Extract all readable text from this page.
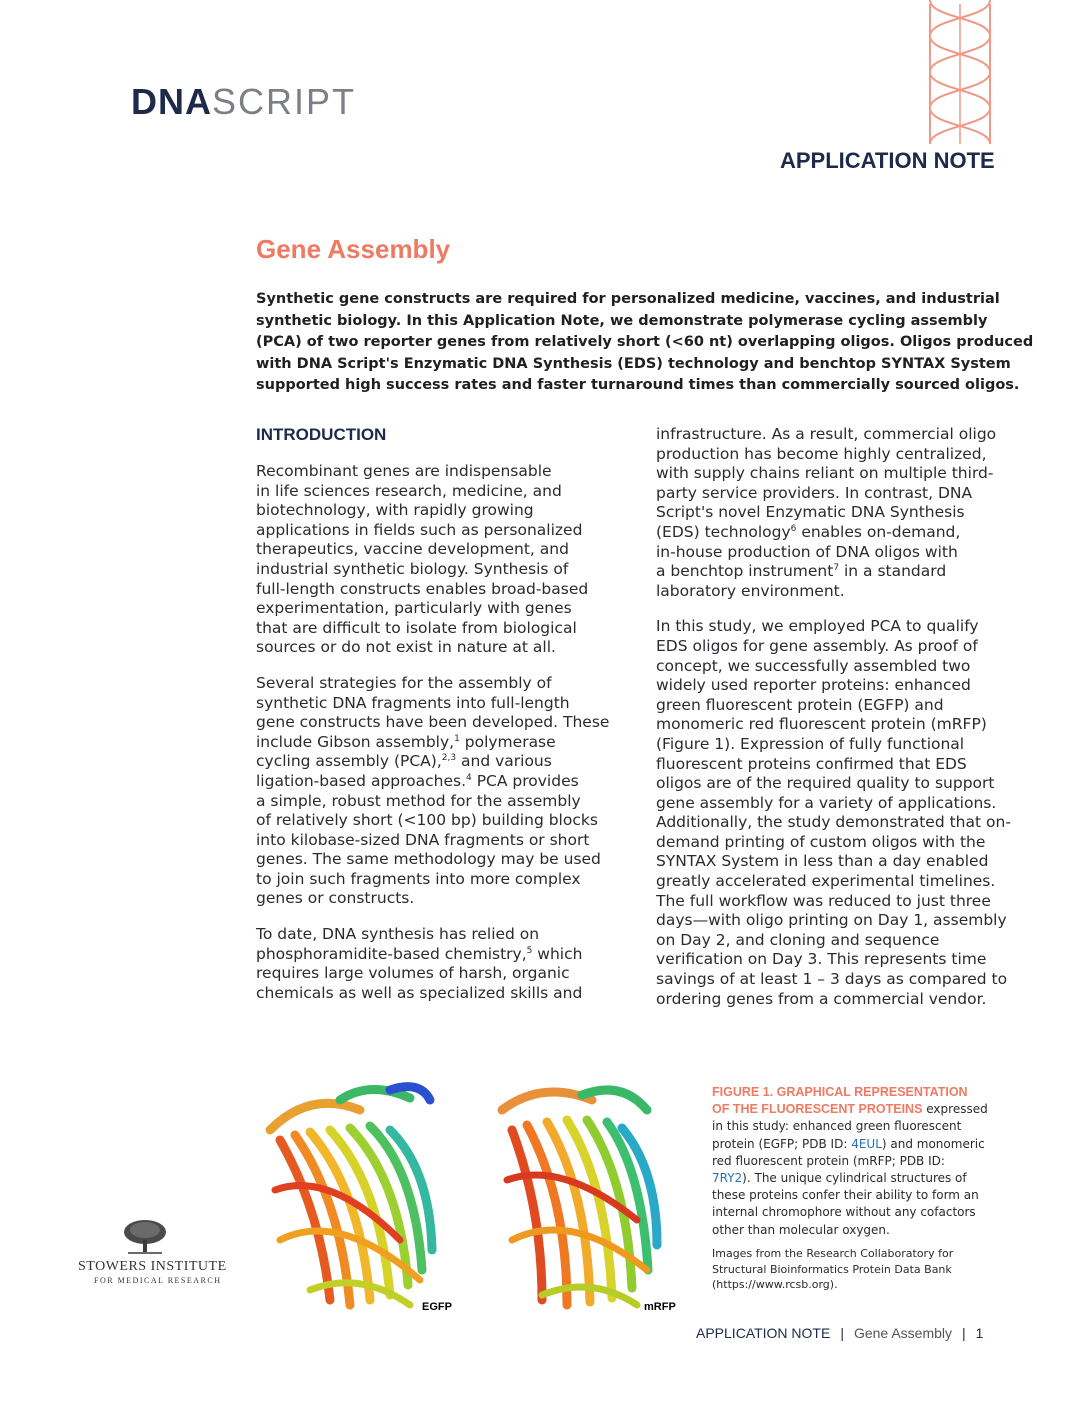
DNASCRIPT
APPLICATION NOTE
Gene Assembly
Synthetic gene constructs are required for personalized medicine, vaccines, and industrial
synthetic biology. In this Application Note, we demonstrate polymerase cycling assembly
(PCA) of two reporter genes from relatively short (<60 nt) overlapping oligos. Oligos produced
with DNA Script's Enzymatic DNA Synthesis (EDS) technology and benchtop SYNTAX System
supported high success rates and faster turnaround times than commercially sourced oligos.
INTRODUCTION
Recombinant genes are indispensable
in life sciences research, medicine, and
biotechnology, with rapidly growing
applications in fields such as personalized
therapeutics, vaccine development, and
industrial synthetic biology. Synthesis of
full-length constructs enables broad-based
experimentation, particularly with genes
that are difficult to isolate from biological
sources or do not exist in nature at all.
Several strategies for the assembly of
synthetic DNA fragments into full-length
gene constructs have been developed. These
include Gibson assembly,$^1$ polymerase
cycling assembly (PCA),$^{2,3}$ and various
ligation-based approaches.$^4$ PCA provides
a simple, robust method for the assembly
of relatively short (<100 bp) building blocks
into kilobase-sized DNA fragments or short
genes. The same methodology may be used
to join such fragments into more complex
genes or constructs.
To date, DNA synthesis has relied on
phosphoramidite-based chemistry,$^5$ which
requires large volumes of harsh, organic
chemicals as well as specialized skills and
infrastructure. As a result, commercial oligo
production has become highly centralized,
with supply chains reliant on multiple third-
party service providers. In contrast, DNA
Script's novel Enzymatic DNA Synthesis
(EDS) technology$^6$ enables on-demand,
in-house production of DNA oligos with
a benchtop instrument$^7$ in a standard
laboratory environment.
In this study, we employed PCA to qualify
EDS oligos for gene assembly. As proof of
concept, we successfully assembled two
widely used reporter proteins: enhanced
green fluorescent protein (EGFP) and
monomeric red fluorescent protein (mRFP)
(Figure 1). Expression of fully functional
fluorescent proteins confirmed that EDS
oligos are of the required quality to support
gene assembly for a variety of applications.
Additionally, the study demonstrated that on-
demand printing of custom oligos with the
SYNTAX System in less than a day enabled
greatly accelerated experimental timelines.
The full workflow was reduced to just three
days—with oligo printing on Day 1, assembly
on Day 2, and cloning and sequence
verification on Day 3. This represents time
savings of at least 1 – 3 days as compared to
ordering genes from a commercial vendor.
EGFP	mRFP
FIGURE 1. GRAPHICAL REPRESENTATION
OF THE FLUORESCENT PROTEINS expressed
in this study: enhanced green fluorescent
protein (EGFP; PDB ID: 4EUL) and monomeric
red fluorescent protein (mRFP; PDB ID:
7RY2). The unique cylindrical structures of
these proteins confer their ability to form an
internal chromophore without any cofactors
other than molecular oxygen.
Images from the Research Collaboratory for
Structural Bioinformatics Protein Data Bank
(https://www.rcsb.org).
STOWERS INSTITUTE
FOR MEDICAL RESEARCH
APPLICATION NOTE | Gene Assembly | 1
